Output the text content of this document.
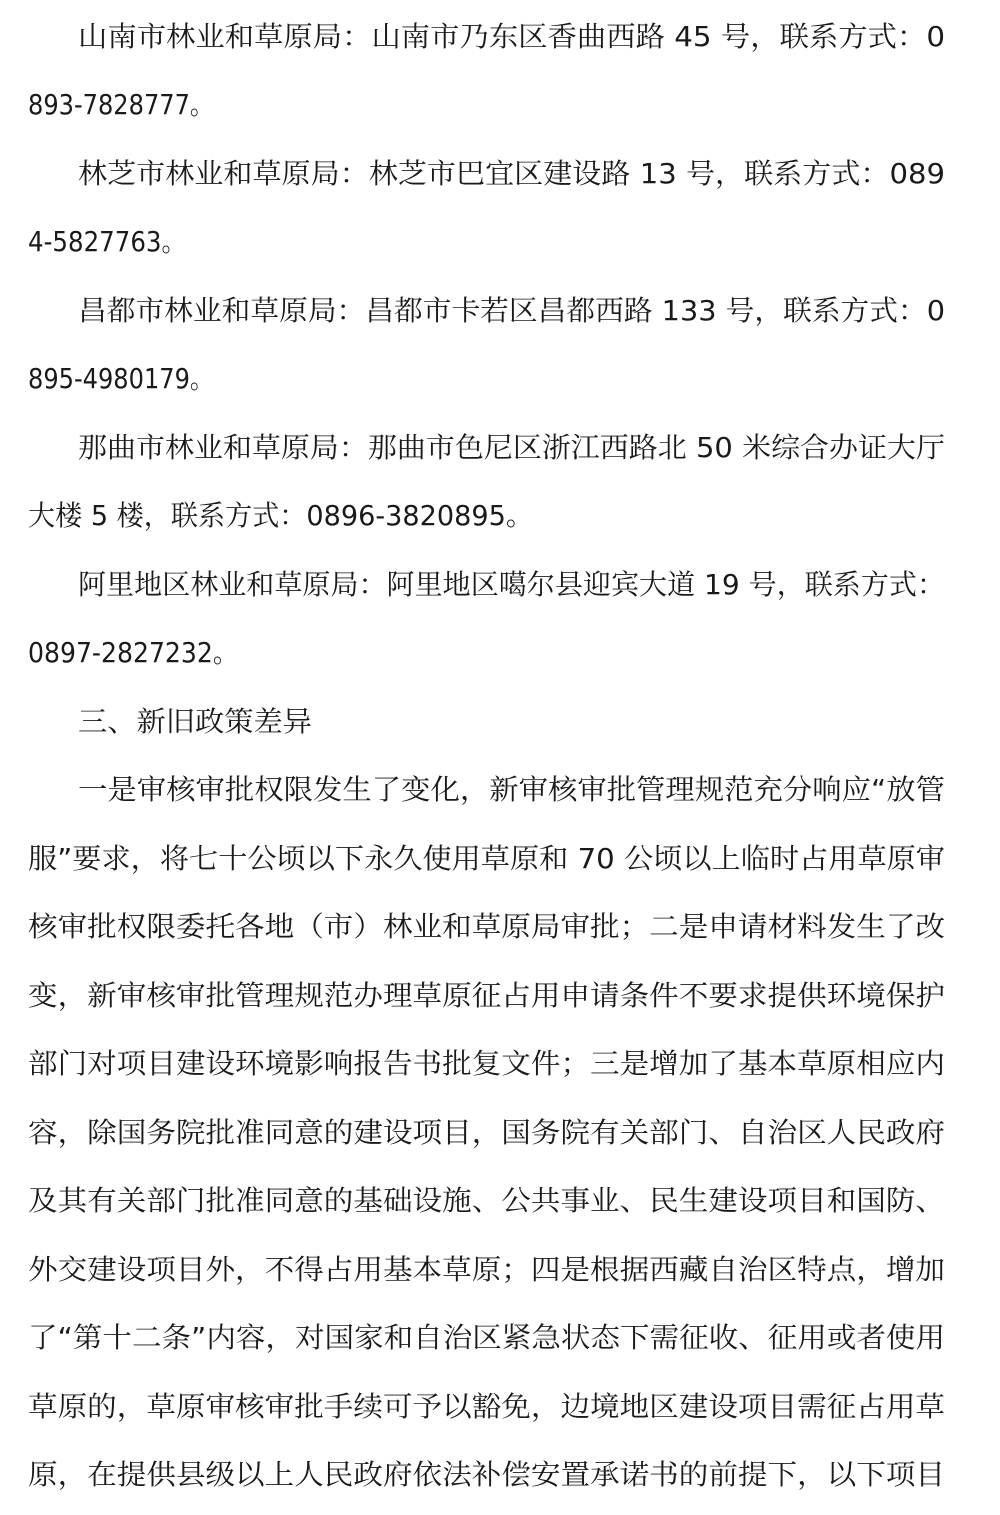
山南市林业和草原局：山南市乃东区香曲西路 45 号，联系方式：0
893-7828777。
林芝市林业和草原局：林芝市巴宜区建设路 13 号，联系方式：089
4-5827763。
昌都市林业和草原局：昌都市卡若区昌都西路 133 号，联系方式：0
895-4980179。
那曲市林业和草原局：那曲市色尼区浙江西路北 50 米综合办证大厅
大楼 5 楼，联系方式：0896-3820895。
阿里地区林业和草原局：阿里地区噶尔县迎宾大道 19 号，联系方式：
0897-2827232。
三、新旧政策差异
一是审核审批权限发生了变化，新审核审批管理规范充分响应“放管
服”要求，将七十公顷以下永久使用草原和 70 公顷以上临时占用草原审
核审批权限委托各地（市）林业和草原局审批；二是申请材料发生了改
变，新审核审批管理规范办理草原征占用申请条件不要求提供环境保护
部门对项目建设环境影响报告书批复文件；三是增加了基本草原相应内
容，除国务院批准同意的建设项目，国务院有关部门、自治区人民政府
及其有关部门批准同意的基础设施、公共事业、民生建设项目和国防、
外交建设项目外，不得占用基本草原；四是根据西藏自治区特点，增加
了“第十二条”内容，对国家和自治区紧急状态下需征收、征用或者使用
草原的，草原审核审批手续可予以豁免，边境地区建设项目需征占用草
原，在提供县级以上人民政府依法补偿安置承诺书的前提下，以下项目
